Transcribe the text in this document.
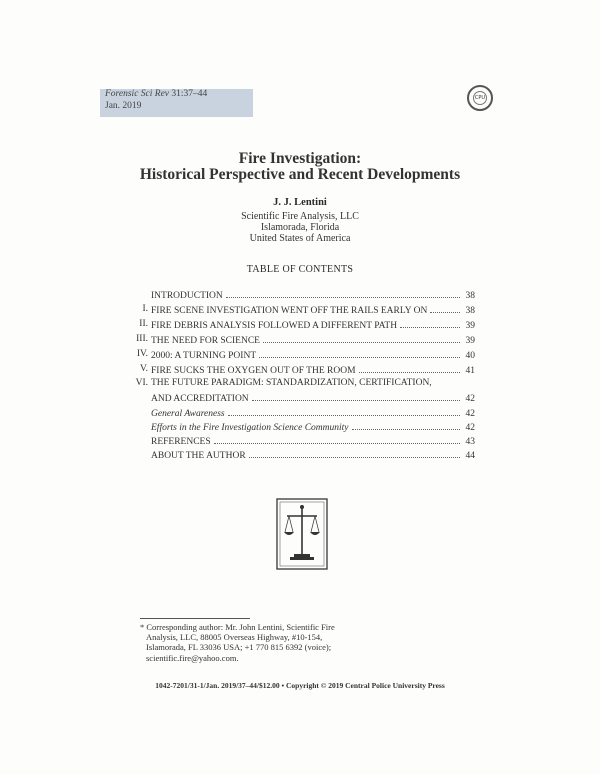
Forensic Sci Rev 31:37–44
Jan. 2019
CPU
Fire Investigation:
Historical Perspective and Recent Developments
J. J. Lentini
Scientific Fire Analysis, LLC
Islamorada, Florida
United States of America
TABLE OF CONTENTS
INTRODUCTION	38
I. FIRE SCENE INVESTIGATION WENT OFF THE RAILS EARLY ON	38
II. FIRE DEBRIS ANALYSIS FOLLOWED A DIFFERENT PATH	39
III. THE NEED FOR SCIENCE	39
IV. 2000: A TURNING POINT	40
V. FIRE SUCKS THE OXYGEN OUT OF THE ROOM	41
VI. THE FUTURE PARADIGM: STANDARDIZATION, CERTIFICATION,
AND ACCREDITATION	42
General Awareness	42
Efforts in the Fire Investigation Science Community	42
REFERENCES	43
ABOUT THE AUTHOR	44
* Corresponding author: Mr. John Lentini, Scientific Fire
Analysis, LLC, 88005 Overseas Highway, #10-154,
Islamorada, FL 33036 USA; +1 770 815 6392 (voice);
scientific.fire@yahoo.com.
1042-7201/31-1/Jan. 2019/37–44/$12.00 • Copyright © 2019 Central Police University Press
